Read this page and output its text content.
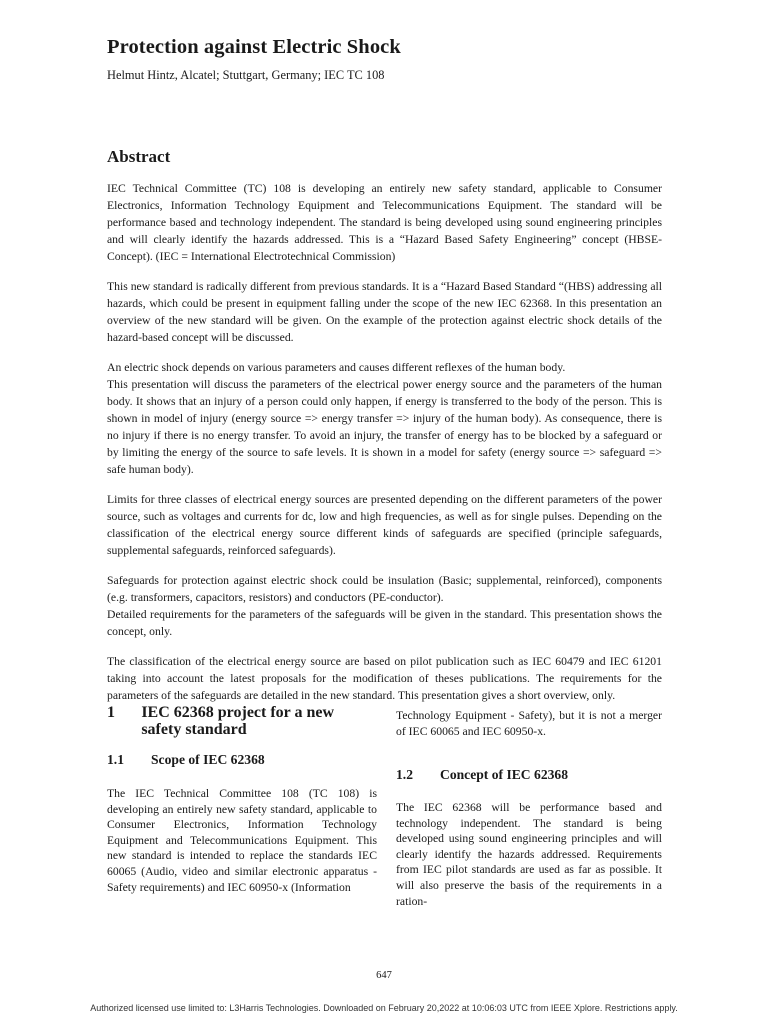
Protection against Electric Shock
Helmut Hintz, Alcatel; Stuttgart, Germany; IEC TC 108
Abstract

IEC Technical Committee (TC) 108 is developing an entirely new safety standard, applicable to Consumer Electronics, Information Technology Equipment and Telecommunications Equipment. The standard will be performance based and technology independent. The standard is being developed using sound engineering principles and will clearly identify the hazards addressed. This is a “Hazard Based Safety Engineering” concept (HBSE-Concept). (IEC = International Electrotechnical Commission)

This new standard is radically different from previous standards. It is a “Hazard Based Standard “(HBS) addressing all hazards, which could be present in equipment falling under the scope of the new IEC 62368. In this presentation an overview of the new standard will be given. On the example of the protection against electric shock details of the hazard-based concept will be discussed.

An electric shock depends on various parameters and causes different reflexes of the human body.
This presentation will discuss the parameters of the electrical power energy source and the parameters of the human body. It shows that an injury of a person could only happen, if energy is transferred to the body of the person. This is shown in model of injury (energy source => energy transfer => injury of the human body). As consequence, there is no injury if there is no energy transfer. To avoid an injury, the transfer of energy has to be blocked by a safeguard or by limiting the energy of the source to safe levels. It is shown in a model for safety (energy source => safeguard => safe human body).

Limits for three classes of electrical energy sources are presented depending on the different parameters of the power source, such as voltages and currents for dc, low and high frequencies, as well as for single pulses. Depending on the classification of the electrical energy source different kinds of safeguards are specified (principle safeguards, supplemental safeguards, reinforced safeguards).

Safeguards for protection against electric shock could be insulation (Basic; supplemental, reinforced), components (e.g. transformers, capacitors, resistors) and conductors (PE-conductor).
Detailed requirements for the parameters of the safeguards will be given in the standard. This presentation shows the concept, only.

The classification of the electrical energy source are based on pilot publication such as IEC 60479 and IEC 61201 taking into account the latest proposals for the modification of theses publications. The requirements for the parameters of the safeguards are detailed in the new standard. This presentation gives a short overview, only.

1	IEC 62368 project for a new safety standard
1.1	Scope of IEC 62368
The IEC Technical Committee 108 (TC 108) is developing an entirely new safety standard, applicable to Consumer Electronics, Information Technology Equipment and Telecommunications Equipment. This new standard is intended to replace the standards IEC 60065 (Audio, video and similar electronic apparatus - Safety requirements) and IEC 60950-x (Information
Technology Equipment - Safety), but it is not a merger of IEC 60065 and IEC 60950-x.
1.2	Concept of IEC 62368
The IEC 62368 will be performance based and technology independent. The standard is being developed using sound engineering principles and will clearly identify the hazards addressed. Requirements from IEC pilot standards are used as far as possible. It will also preserve the basis of the requirements in a ration-
647
Authorized licensed use limited to: L3Harris Technologies. Downloaded on February 20,2022 at 10:06:03 UTC from IEEE Xplore. Restrictions apply.
